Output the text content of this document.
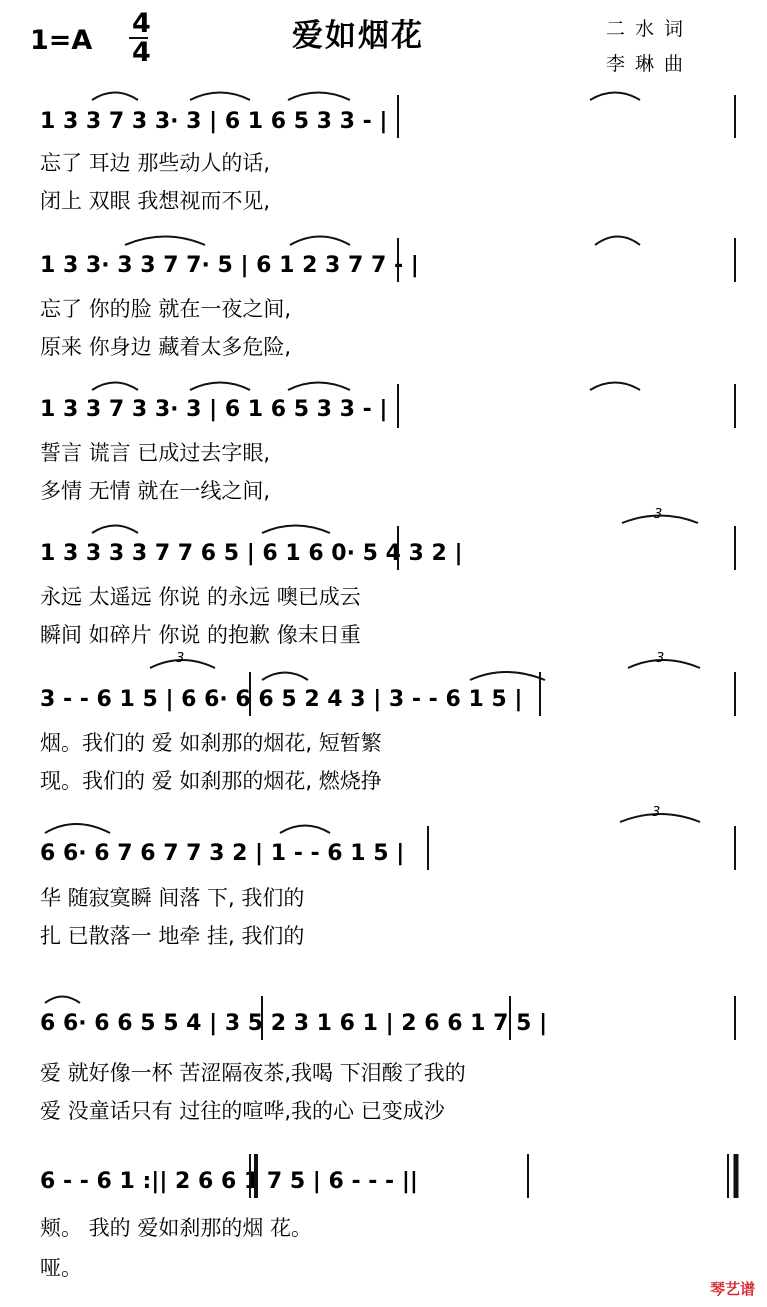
1=A
4
4	爱如烟花	二水词
李琳曲
1 3 3 7 3 3· 3 | 6 1 6 5 3 3 - |
忘了 耳边 那些动人的话,
闭上 双眼 我想视而不见,
1 3 3· 3 3 7 7· 5 | 6 1 2 3 7 7 - |
忘了 你的脸 就在一夜之间,
原来 你身边 藏着太多危险,
1 3 3 7 3 3· 3 | 6 1 6 5 3 3 - |
誓言 谎言 已成过去字眼,
多情 无情 就在一线之间,
3
1 3 3 3 3 7 7 6 5 | 6 1 6 0· 5 4 3 2 |
永远 太遥远 你说 的永远 噢已成云
瞬间 如碎片 你说 的抱歉 像末日重
3	3
3 - - 6 1 5 | 6 6· 6 6 5 2 4 3 | 3 - - 6 1 5 |
烟。我们的 爱 如刹那的烟花, 短暂繁
现。我们的 爱 如刹那的烟花, 燃烧挣
3
6 6· 6 7 6 7 7 3 2 | 1 - - 6 1 5 |
华 随寂寞瞬 间落 下, 我们的
扎 已散落一 地牵 挂, 我们的
6 6· 6 6 5 5 4 | 3 5 2 3 1 6 1 | 2 6 6 1 7 5 |
爱 就好像一杯 苦涩隔夜茶,我喝 下泪酸了我的
爱 没童话只有 过往的喧哗,我的心 已变成沙
6 - - 6 1 :|| 2 6 6 1 7 5 | 6 - - - ||
颊。 我的 爱如刹那的烟 花。
哑。
琴艺谱
